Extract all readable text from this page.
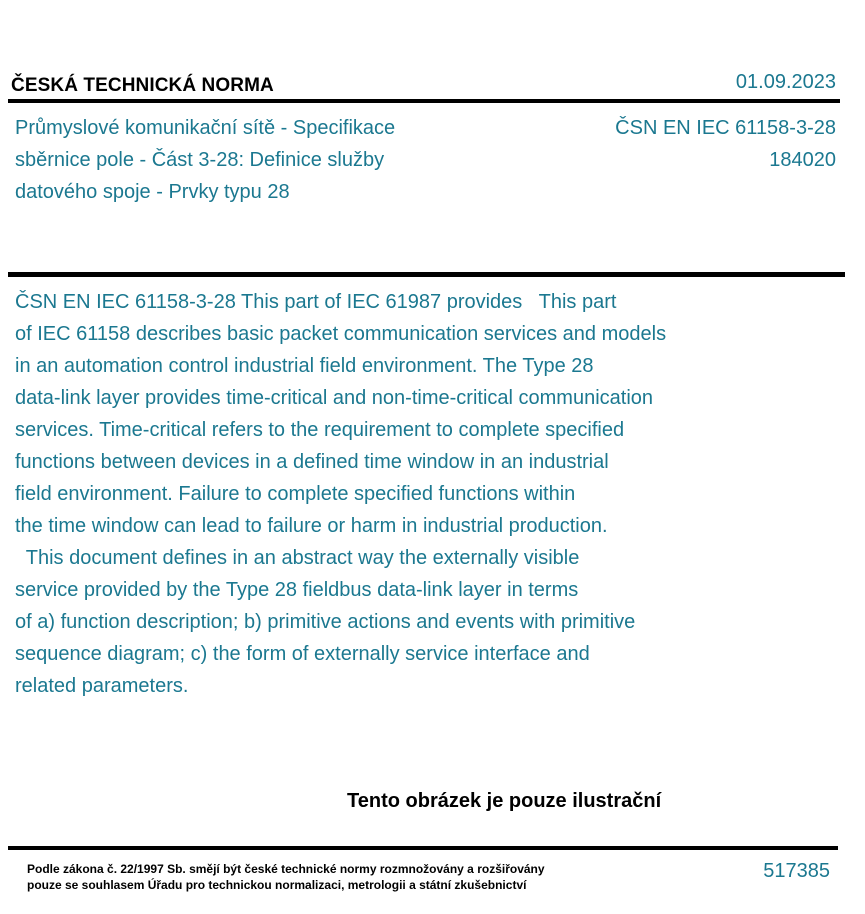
ČESKÁ TECHNICKÁ NORMA	01.09.2023
Průmyslové komunikační sítě - Specifikace
sběrnice pole - Část 3-28: Definice služby
datového spoje - Prvky typu 28
ČSN EN IEC 61158-3-28
184020
ČSN EN IEC 61158-3-28 This part of IEC 61987 provides   This part
of IEC 61158 describes basic packet communication services and models
in an automation control industrial field environment. The Type 28
data-link layer provides time-critical and non-time-critical communication
services. Time-critical refers to the requirement to complete specified
functions between devices in a defined time window in an industrial
field environment. Failure to complete specified functions within
the time window can lead to failure or harm in industrial production.
This document defines in an abstract way the externally visible
service provided by the Type 28 fieldbus data-link layer in terms
of a) function description; b) primitive actions and events with primitive
sequence diagram; c) the form of externally service interface and
related parameters.
Tento obrázek je pouze ilustrační
Podle zákona č. 22/1997 Sb. smějí být české technické normy rozmnožovány a rozšiřovány
pouze se souhlasem Úřadu pro technickou normalizaci, metrologii a státní zkušebnictví
517385
